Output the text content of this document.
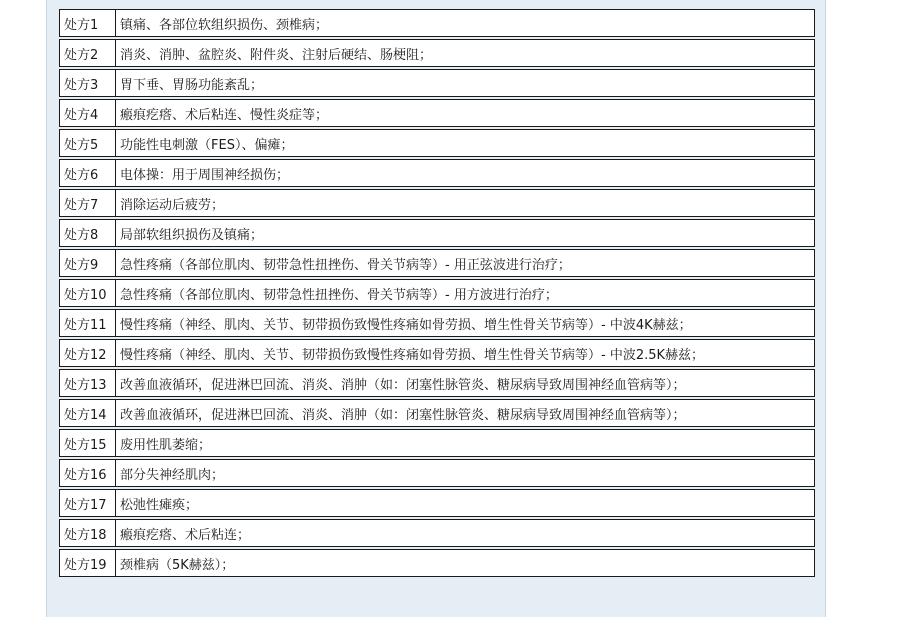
处方1	镇痛、各部位软组织损伤、颈椎病；
处方2	消炎、消肿、盆腔炎、附件炎、注射后硬结、肠梗阻；
处方3	胃下垂、胃肠功能紊乱；
处方4	瘢痕疙瘩、术后粘连、慢性炎症等；
处方5	功能性电刺激（FES）、偏瘫；
处方6	电体操：用于周围神经损伤；
处方7	消除运动后疲劳；
处方8	局部软组织损伤及镇痛；
处方9	急性疼痛（各部位肌肉、韧带急性扭挫伤、骨关节病等）- 用正弦波进行治疗；
处方10	急性疼痛（各部位肌肉、韧带急性扭挫伤、骨关节病等）- 用方波进行治疗；
处方11	慢性疼痛（神经、肌肉、关节、韧带损伤致慢性疼痛如骨劳损、增生性骨关节病等）- 中波4K赫兹；
处方12	慢性疼痛（神经、肌肉、关节、韧带损伤致慢性疼痛如骨劳损、增生性骨关节病等）- 中波2.5K赫兹；
处方13	改善血液循环，促进淋巴回流、消炎、消肿（如：闭塞性脉管炎、糖尿病导致周围神经血管病等）；
处方14	改善血液循环，促进淋巴回流、消炎、消肿（如：闭塞性脉管炎、糖尿病导致周围神经血管病等）；
处方15	废用性肌萎缩；
处方16	部分失神经肌肉；
处方17	松弛性瘫痪；
处方18	瘢痕疙瘩、术后粘连；
处方19	颈椎病（5K赫兹）；
